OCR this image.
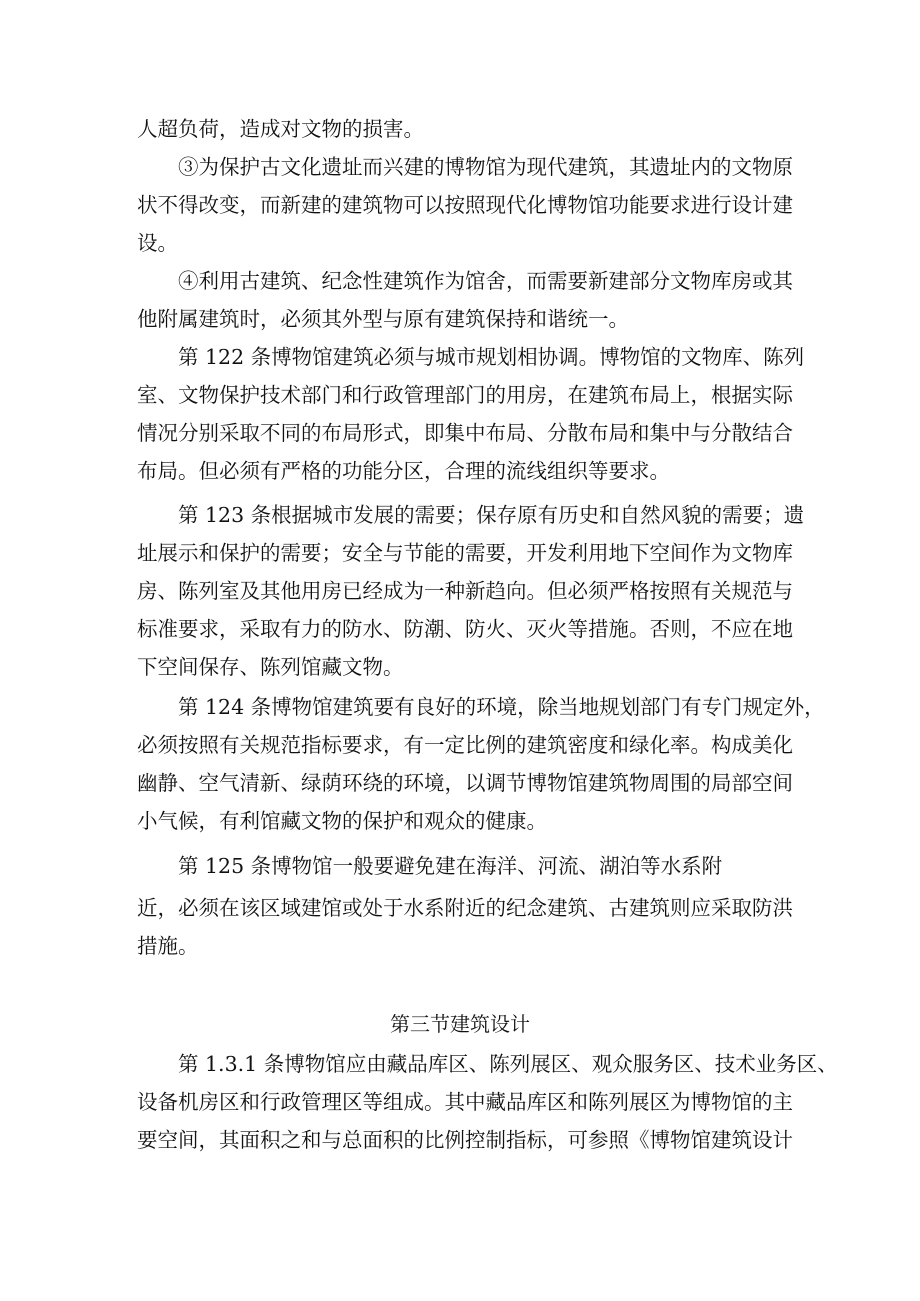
人超负荷，造成对文物的损害。

③为保护古文化遗址而兴建的博物馆为现代建筑，其遗址内的文物原
状不得改变，而新建的建筑物可以按照现代化博物馆功能要求进行设计建
设。

④利用古建筑、纪念性建筑作为馆舍，而需要新建部分文物库房或其
他附属建筑时，必须其外型与原有建筑保持和谐统一。

第 122 条博物馆建筑必须与城市规划相协调。博物馆的文物库、陈列
室、文物保护技术部门和行政管理部门的用房，在建筑布局上，根据实际
情况分别采取不同的布局形式，即集中布局、分散布局和集中与分散结合
布局。但必须有严格的功能分区，合理的流线组织等要求。

第 123 条根据城市发展的需要；保存原有历史和自然风貌的需要；遗
址展示和保护的需要；安全与节能的需要，开发利用地下空间作为文物库
房、陈列室及其他用房已经成为一种新趋向。但必须严格按照有关规范与
标准要求，采取有力的防水、防潮、防火、灭火等措施。否则，不应在地
下空间保存、陈列馆藏文物。

第 124 条博物馆建筑要有良好的环境，除当地规划部门有专门规定外，
必须按照有关规范指标要求，有一定比例的建筑密度和绿化率。构成美化
幽静、空气清新、绿荫环绕的环境，以调节博物馆建筑物周围的局部空间
小气候，有利馆藏文物的保护和观众的健康。

第 125 条博物馆一般要避免建在海洋、河流、湖泊等水系附
近，必须在该区域建馆或处于水系附近的纪念建筑、古建筑则应采取防洪
措施。

第三节建筑设计

第 1.3.1 条博物馆应由藏品库区、陈列展区、观众服务区、技术业务区、
设备机房区和行政管理区等组成。其中藏品库区和陈列展区为博物馆的主
要空间，其面积之和与总面积的比例控制指标，可参照《博物馆建筑设计
